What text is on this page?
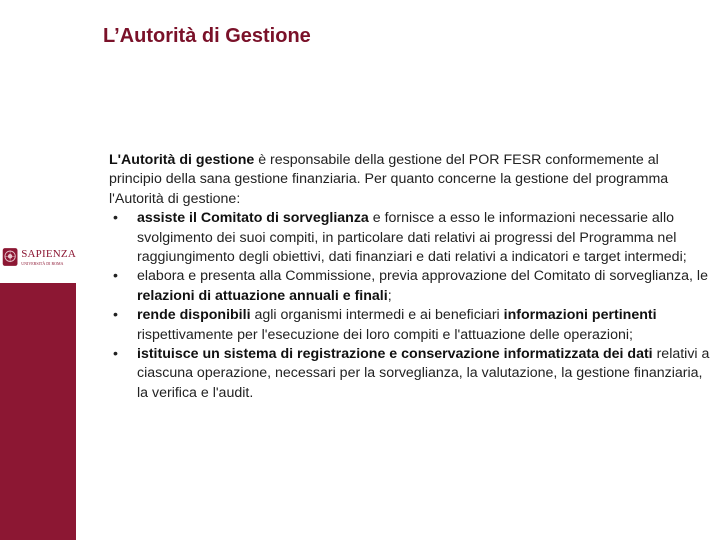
SAPIENZA
UNIVERSITÀ DI ROMA
L’Autorità di Gestione

L'Autorità di gestione è responsabile della gestione del POR FESR conformemente al principio della sana gestione finanziaria. Per quanto concerne la gestione del programma l'Autorità di gestione:

• assiste il Comitato di sorveglianza e fornisce a esso le informazioni necessarie allo svolgimento dei suoi compiti, in particolare dati relativi ai progressi del Programma nel raggiungimento degli obiettivi, dati finanziari e dati relativi a indicatori e target intermedi;
• elabora e presenta alla Commissione, previa approvazione del Comitato di sorveglianza, le relazioni di attuazione annuali e finali;
• rende disponibili agli organismi intermedi e ai beneficiari informazioni pertinenti rispettivamente per l'esecuzione dei loro compiti e l'attuazione delle operazioni;
• istituisce un sistema di registrazione e conservazione informatizzata dei dati relativi a ciascuna operazione, necessari per la sorveglianza, la valutazione, la gestione finanziaria, la verifica e l'audit.
